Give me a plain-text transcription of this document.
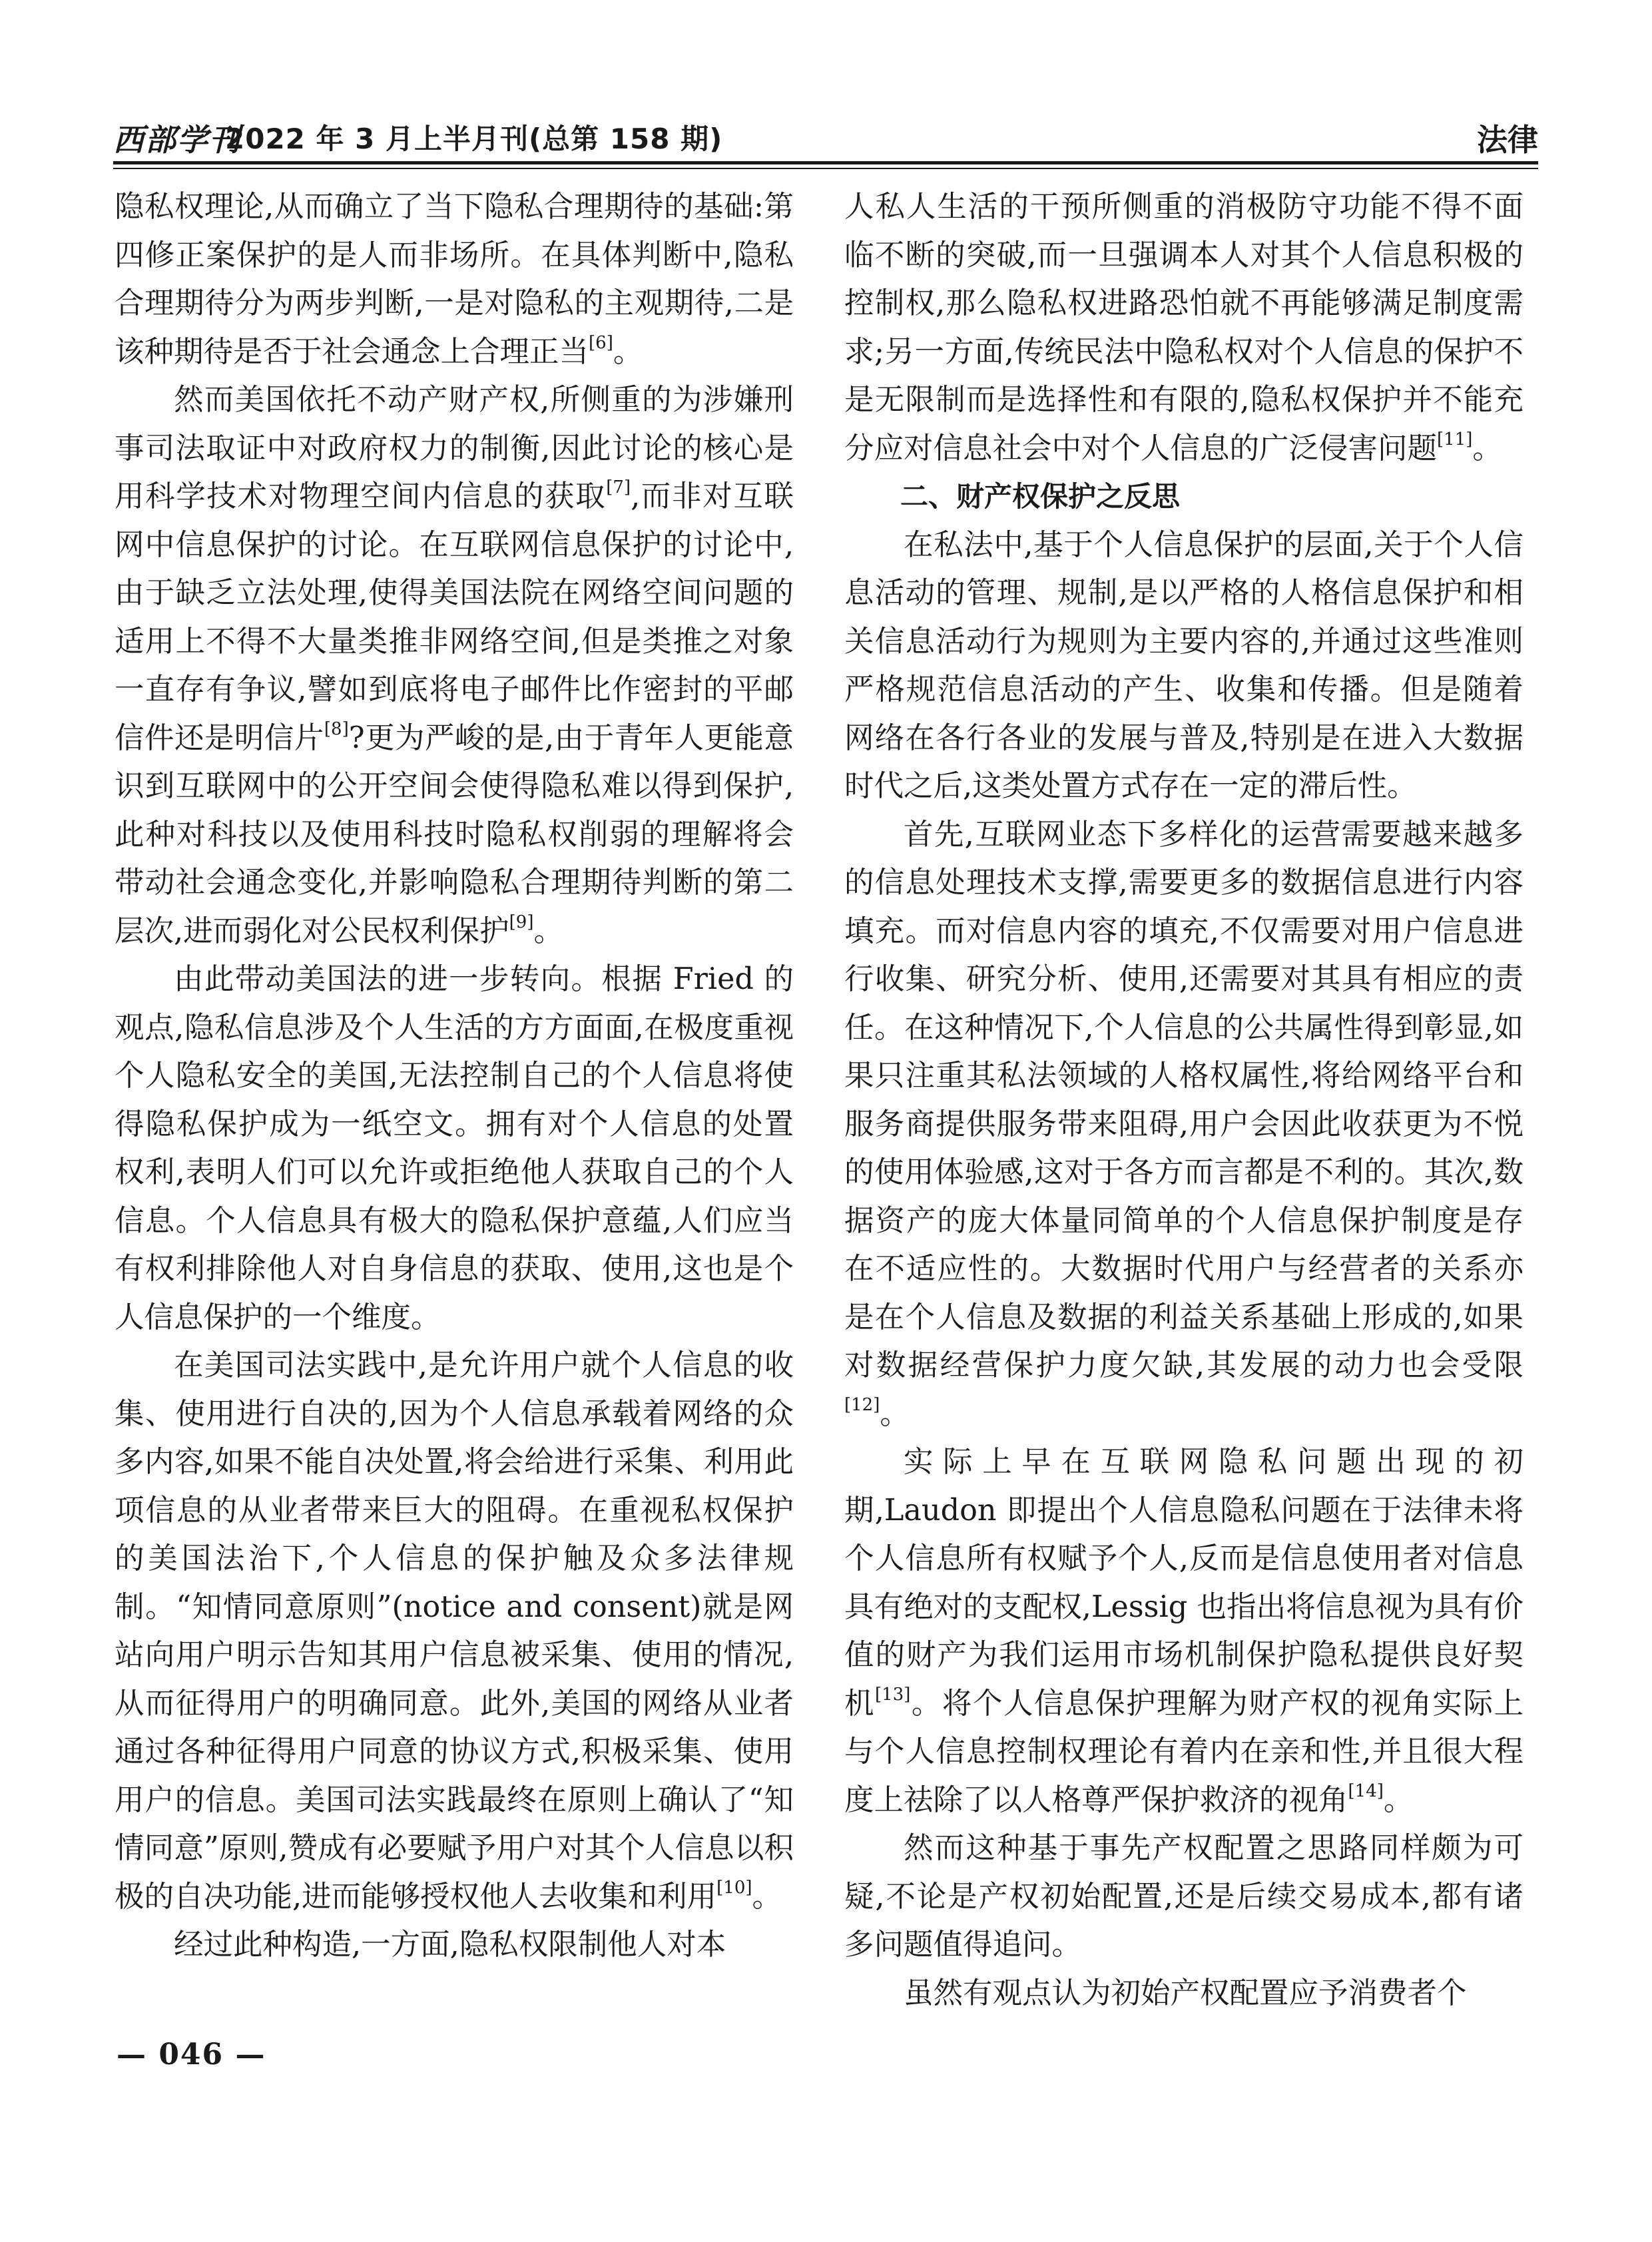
西部学刊
2022 年 3 月上半月刊(总第 158 期)	法律

隐私权理论,从而确立了当下隐私合理期待的基础:第四修正案保护的是人而非场所。在具体判断中,隐私合理期待分为两步判断,一是对隐私的主观期待,二是该种期待是否于社会通念上合理正当[6]。

然而美国依托不动产财产权,所侧重的为涉嫌刑事司法取证中对政府权力的制衡,因此讨论的核心是用科学技术对物理空间内信息的获取[7],而非对互联网中信息保护的讨论。在互联网信息保护的讨论中,由于缺乏立法处理,使得美国法院在网络空间问题的适用上不得不大量类推非网络空间,但是类推之对象一直存有争议,譬如到底将电子邮件比作密封的平邮信件还是明信片[8]?更为严峻的是,由于青年人更能意识到互联网中的公开空间会使得隐私难以得到保护,此种对科技以及使用科技时隐私权削弱的理解将会带动社会通念变化,并影响隐私合理期待判断的第二层次,进而弱化对公民权利保护[9]。

由此带动美国法的进一步转向。根据 Fried 的观点,隐私信息涉及个人生活的方方面面,在极度重视个人隐私安全的美国,无法控制自己的个人信息将使得隐私保护成为一纸空文。拥有对个人信息的处置权利,表明人们可以允许或拒绝他人获取自己的个人信息。个人信息具有极大的隐私保护意蕴,人们应当有权利排除他人对自身信息的获取、使用,这也是个人信息保护的一个维度。

在美国司法实践中,是允许用户就个人信息的收集、使用进行自决的,因为个人信息承载着网络的众多内容,如果不能自决处置,将会给进行采集、利用此项信息的从业者带来巨大的阻碍。在重视私权保护的美国法治下,个人信息的保护触及众多法律规制。“知情同意原则”(notice and consent)就是网站向用户明示告知其用户信息被采集、使用的情况,从而征得用户的明确同意。此外,美国的网络从业者通过各种征得用户同意的协议方式,积极采集、使用用户的信息。美国司法实践最终在原则上确认了“知情同意”原则,赞成有必要赋予用户对其个人信息以积极的自决功能,进而能够授权他人去收集和利用[10]。

经过此种构造,一方面,隐私权限制他人对本

人私人生活的干预所侧重的消极防守功能不得不面临不断的突破,而一旦强调本人对其个人信息积极的控制权,那么隐私权进路恐怕就不再能够满足制度需求;另一方面,传统民法中隐私权对个人信息的保护不是无限制而是选择性和有限的,隐私权保护并不能充分应对信息社会中对个人信息的广泛侵害问题[11]。

二、财产权保护之反思

在私法中,基于个人信息保护的层面,关于个人信息活动的管理、规制,是以严格的人格信息保护和相关信息活动行为规则为主要内容的,并通过这些准则严格规范信息活动的产生、收集和传播。但是随着网络在各行各业的发展与普及,特别是在进入大数据时代之后,这类处置方式存在一定的滞后性。

首先,互联网业态下多样化的运营需要越来越多的信息处理技术支撑,需要更多的数据信息进行内容填充。而对信息内容的填充,不仅需要对用户信息进行收集、研究分析、使用,还需要对其具有相应的责任。在这种情况下,个人信息的公共属性得到彰显,如果只注重其私法领域的人格权属性,将给网络平台和服务商提供服务带来阻碍,用户会因此收获更为不悦的使用体验感,这对于各方而言都是不利的。其次,数据资产的庞大体量同简单的个人信息保护制度是存在不适应性的。大数据时代用户与经营者的关系亦是在个人信息及数据的利益关系基础上形成的,如果对数据经营保护力度欠缺,其发展的动力也会受限[12]。

实际上早在互联网隐私问题出现的初期,Laudon 即提出个人信息隐私问题在于法律未将个人信息所有权赋予个人,反而是信息使用者对信息具有绝对的支配权,Lessig 也指出将信息视为具有价值的财产为我们运用市场机制保护隐私提供良好契机[13]。将个人信息保护理解为财产权的视角实际上与个人信息控制权理论有着内在亲和性,并且很大程度上祛除了以人格尊严保护救济的视角[14]。

然而这种基于事先产权配置之思路同样颇为可疑,不论是产权初始配置,还是后续交易成本,都有诸多问题值得追问。

虽然有观点认为初始产权配置应予消费者个

— 046 —
